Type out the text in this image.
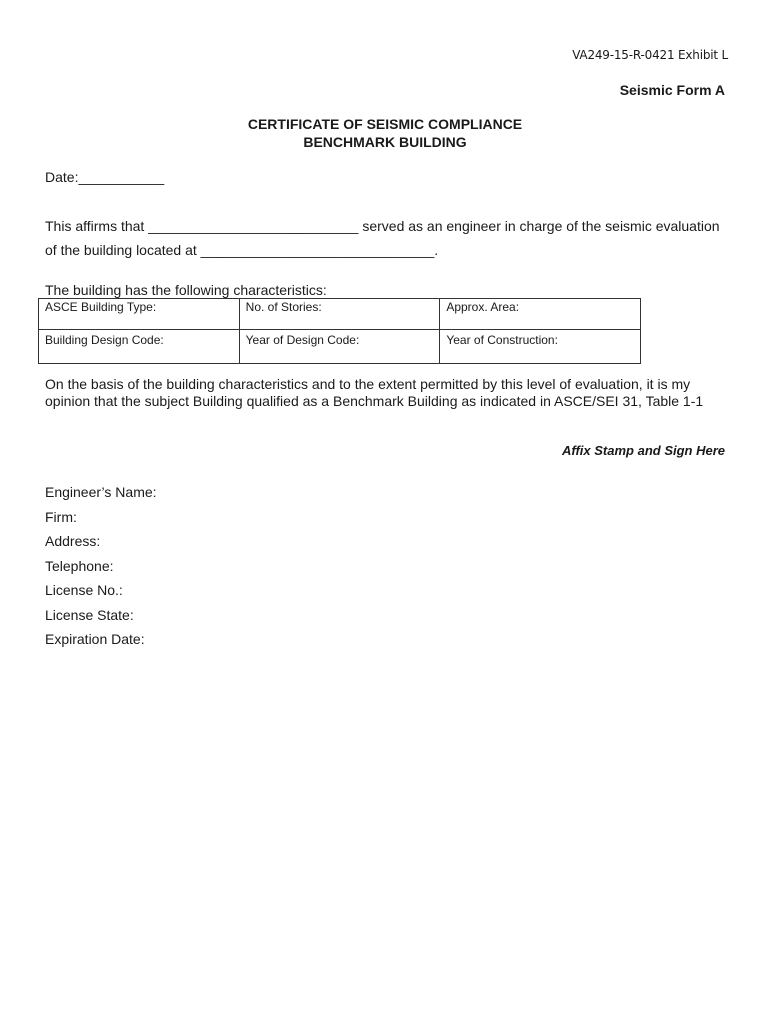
VA249-15-R-0421 Exhibit L
Seismic Form A
CERTIFICATE OF SEISMIC COMPLIANCE
BENCHMARK BUILDING
Date:___________
This affirms that ___________________________ served as an engineer in charge of the seismic evaluation
of the building located at ______________________________.
The building has the following characteristics:
ASCE Building Type:	No. of Stories:	Approx. Area:
Building Design Code:	Year of Design Code:	Year of Construction:
On the basis of the building characteristics and to the extent permitted by this level of evaluation, it is my opinion that the subject Building qualified as a Benchmark Building as indicated in ASCE/SEI 31, Table 1-1
Affix Stamp and Sign Here
Engineer’s Name:
Firm:
Address:
Telephone:
License No.:
License State:
Expiration Date:
